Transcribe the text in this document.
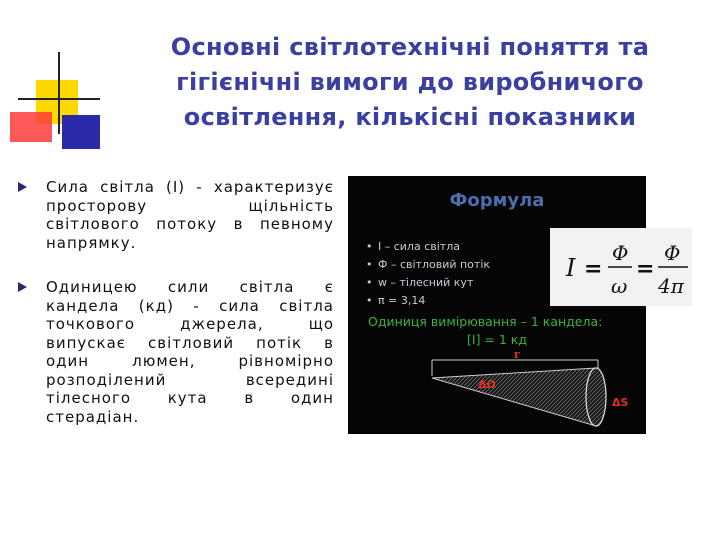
Основні світлотехнічні поняття та
гігієнічні вимоги до виробничого
освітлення, кількісні показники
Сила світла (I) - характеризує просторову щільність світлового потоку в певному напрямку.
Одиницею сили світла є кандела (кд) - сила світла точкового джерела, що випускає світловий потік в один люмен, рівномірно розподілений всередині тілесного кута в один стерадіан.
Формула
• I – сила світла
• Ф – світловий потік
• w – тілесний кут
• π = 3,14
I =
Φ
ω
=
Φ
4π
Одиниця вимірювання – 1 кандела:
[I] = 1 кд
r
ΔΩ
ΔS
